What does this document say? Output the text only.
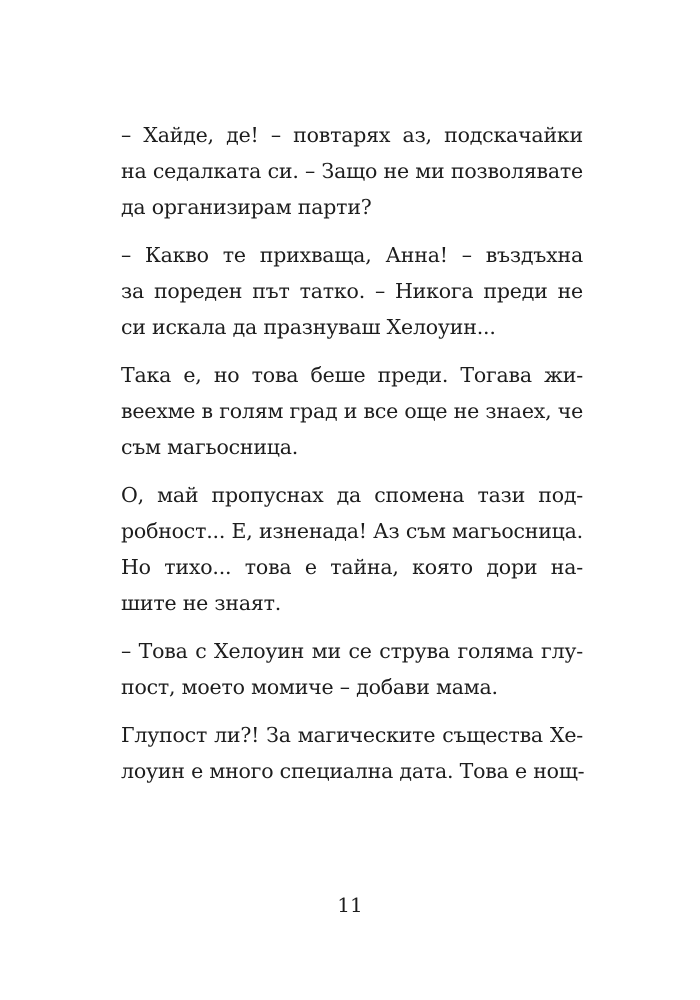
– Хайде, де! – повтарях аз, подскачайки
на седалката си. – Защо не ми позволявате
да организирам парти?

– Какво те прихваща, Анна! – въздъхна
за пореден път татко. – Никога преди не
си искала да празнуваш Хелоуин...

Така е, но това беше преди. Тогава жи-
веехме в голям град и все още не знаех, че
съм магьосница.

О, май пропуснах да спомена тази под-
робност... Е, изненада! Аз съм магьосница.
Но тихо... това е тайна, която дори на-
шите не знаят.

– Това с Хелоуин ми се струва голяма глу-
пост, моето момиче – добави мама.

Глупост ли?! За магическите същества Хе-
лоуин е много специална дата. Това е нощ-

11
